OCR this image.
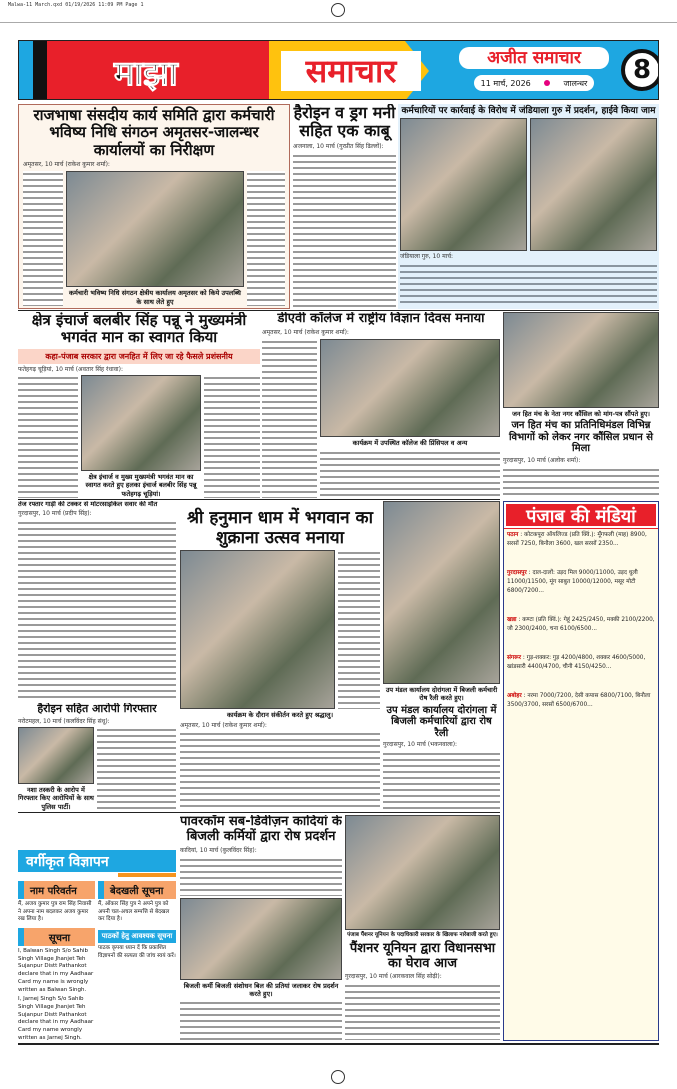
Malwa-11 March.qxd 01/19/2026 11:09 PM Page 1
माझा	समाचार	अजीत समाचार
11 मार्च, 2026	जालन्धर	8
राजभाषा संसदीय कार्य समिति द्वारा कर्मचारी भविष्य निधि संगठन अमृतसर-जालन्धर कार्यालयों का निरीक्षण
अमृतसर, 10 मार्च (राकेश कुमार शर्मा):
कर्मचारी भविष्य निधि संगठन क्षेत्रीय कार्यालय अमृतसर को किये उपलब्धि के साथ लेते हुए
हैरोइन व ड्रग मनी सहित एक काबू
अजनाला, 10 मार्च (गुरप्रीत सिंह ढिल्लों):
कर्मचारियों पर कार्रवाई के विरोध में जंडियाला गुरु में प्रदर्शन, हाईवे किया जाम
जंडियाला गुरु, 10 मार्च:
क्षेत्र इंचार्ज बलबीर सिंह पन्नू ने मुख्यमंत्री भगवंत मान का स्वागत किया
कहा-पंजाब सरकार द्वारा जनहित में लिए जा रहे फैसले प्रशंसनीय
फतेहगढ़ चूड़ियां, 10 मार्च (अवतार सिंह रंधावा):
क्षेत्र इंचार्ज व मुख्य मुख्यमंत्री भगवंत मान का स्वागत करते हुए हलका इंचार्ज बलबीर सिंह पन्नू फतेहगढ़ चूड़ियां।
डीएवी कॉलेज में राष्ट्रीय विज्ञान दिवस मनाया
अमृतसर, 10 मार्च (राकेश कुमार शर्मा):
कार्यक्रम में उपस्थित कॉलेज की प्रिंसिपल व अन्य
जन हित मंच के नेता नगर कौंसिल को मांग-पत्र सौंपते हुए।
जन हित मंच का प्रतिनिधिमंडल विभिन्न विभागों को लेकर नगर कौंसिल प्रधान से मिला
गुरदासपुर, 10 मार्च (अलोक शर्मा):
तेज रफ्तार गाड़ी की टक्कर से मोटरसाइकिल सवार की मौत
गुरदासपुर, 10 मार्च (प्रदीप सिंह):
हैरोइन सहित आरोपी गिरफ्तार
नरोटमहल, 10 मार्च (कलविंदर सिंह संधू):
नशा तस्करी के आरोप में गिरफ्तार किए आरोपियों के साथ पुलिस पार्टी।
श्री हनुमान धाम में भगवान का शुक्राना उत्सव मनाया
कार्यक्रम के दौरान संकीर्तन करते हुए श्रद्धालु।
अमृतसर, 10 मार्च (राकेश कुमार शर्मा):
उप मंडल कार्यालय दोरांगला में बिजली कर्मचारी रोष रैली करते हुए।
उप मंडल कार्यालय दोरांगला में बिजली कर्मचारियों द्वारा रोष रैली
गुरदासपुर, 10 मार्च (भकनवाला):
पंजाब की मंडियां

पठान : कोटकपूरा ऑयलिज्ड (प्रति क्विं.): मूँगफली (माह) 8900, सरसों 7250, बिनौला 3600, खल सरसों 2350...

गुरदासपुर : दाल-दालों: उड़द मिल 9000/11000, उड़द धुली 11000/11500, मूंग साबुत 10000/12000, मसूर मोटी 6800/7200...

खन्ना : कण्टा (प्रति क्विं.): गेहूं 2425/2450, मक्की 2100/2200, जौ 2300/2400, चना 6100/6500...

संगरूर : गुड़-शक्कर: गुड़ 4200/4800, शक्कर 4600/5000, खांडसारी 4400/4700, चीनी 4150/4250...

अबोहर : नरमा 7000/7200, देसी कपास 6800/7100, बिनौला 3500/3700, सरसों 6500/6700...

वर्गीकृत विज्ञापन
नाम परिवर्तन
मैं, अजय कुमार पुत्र राम सिंह निवासी ने अपना नाम बदलकर अजय कुमार रख लिया है।
सूचना
I, Balwan Singh S/o Sahib Singh Village Jhanjet Teh Sujanpur Distt Pathankot declare that in my Aadhaar Card my name is wrongly written as Balwan Singh.
I, Jarnej Singh S/o Sahib Singh Village Jhanjet Teh Sujanpur Distt Pathankot declare that in my Aadhaar Card my name wrongly written as Jarnej Singh.
बेदखली सूचना
मैं, ओंकार सिंह पुत्र ने अपने पुत्र को अपनी चल-अचल सम्पत्ति से बेदखल कर दिया है।
पाठकों हेतु आवश्यक सूचना
पाठक कृपया ध्यान दें कि प्रकाशित विज्ञापनों की सत्यता की जांच स्वयं करें।
पावरकॉम सब-डिवीज़न कादियां के बिजली कर्मियों द्वारा रोष प्रदर्शन
कादियां, 10 मार्च (कुलविंदर सिंह):
बिजली कर्मी बिजली संशोधन बिल की प्रतियां जलाकर रोष प्रदर्शन करते हुए।
पंजाब पैंशनर यूनियन के पदाधिकारी सरकार के खिलाफ नारेबाजी करते हुए।
पैंशनर यूनियन द्वारा विधानसभा का घेराव आज
गुरदासपुर, 10 मार्च (आरकवाल सिंह सोढ़ी):
